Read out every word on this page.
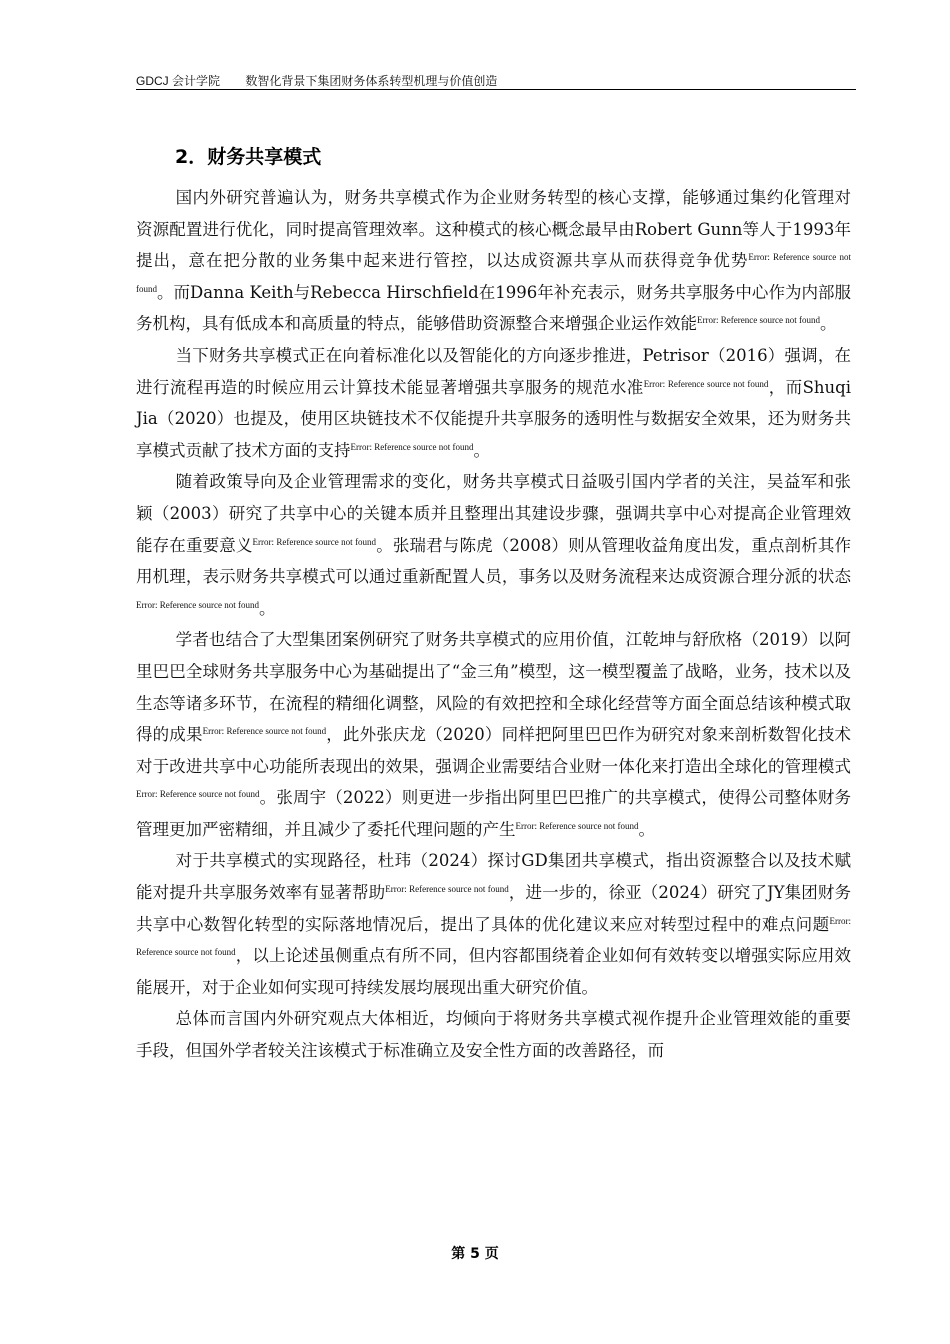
GDCJ 会计学院 数智化背景下集团财务体系转型机理与价值创造
2．财务共享模式

国内外研究普遍认为，财务共享模式作为企业财务转型的核心支撑，能够通过集约化管理对资源配置进行优化，同时提高管理效率。这种模式的核心概念最早由Robert Gunn等人于1993年提出，意在把分散的业务集中起来进行管控，以达成资源共享从而获得竞争优势$^{Error: Reference source not found}$。而Danna Keith与Rebecca Hirschfield在1996年补充表示，财务共享服务中心作为内部服务机构，具有低成本和高质量的特点，能够借助资源整合来增强企业运作效能$^{Error: Reference source not found}$。

当下财务共享模式正在向着标准化以及智能化的方向逐步推进，Petrisor（2016）强调，在进行流程再造的时候应用云计算技术能显著增强共享服务的规范水准$^{Error: Reference source not found}$，而Shuqi Jia（2020）也提及，使用区块链技术不仅能提升共享服务的透明性与数据安全效果，还为财务共享模式贡献了技术方面的支持$^{Error: Reference source not found}$。

随着政策导向及企业管理需求的变化，财务共享模式日益吸引国内学者的关注，吴益军和张颖（2003）研究了共享中心的关键本质并且整理出其建设步骤，强调共享中心对提高企业管理效能存在重要意义$^{Error: Reference source not found}$。张瑞君与陈虎（2008）则从管理收益角度出发，重点剖析其作用机理，表示财务共享模式可以通过重新配置人员，事务以及财务流程来达成资源合理分派的状态$^{Error: Reference source not found}$。

学者也结合了大型集团案例研究了财务共享模式的应用价值，江乾坤与舒欣格（2019）以阿里巴巴全球财务共享服务中心为基础提出了“金三角”模型，这一模型覆盖了战略，业务，技术以及生态等诸多环节，在流程的精细化调整，风险的有效把控和全球化经营等方面全面总结该种模式取得的成果$^{Error: Reference source not found}$，此外张庆龙（2020）同样把阿里巴巴作为研究对象来剖析数智化技术对于改进共享中心功能所表现出的效果，强调企业需要结合业财一体化来打造出全球化的管理模式$^{Error: Reference source not found}$。张周宇（2022）则更进一步指出阿里巴巴推广的共享模式，使得公司整体财务管理更加严密精细，并且减少了委托代理问题的产生$^{Error: Reference source not found}$。

对于共享模式的实现路径，杜玮（2024）探讨GD集团共享模式，指出资源整合以及技术赋能对提升共享服务效率有显著帮助$^{Error: Reference source not found}$，进一步的，徐亚（2024）研究了JY集团财务共享中心数智化转型的实际落地情况后，提出了具体的优化建议来应对转型过程中的难点问题$^{Error: Reference source not found}$，以上论述虽侧重点有所不同，但内容都围绕着企业如何有效转变以增强实际应用效能展开，对于企业如何实现可持续发展均展现出重大研究价值。

总体而言国内外研究观点大体相近，均倾向于将财务共享模式视作提升企业管理效能的重要手段，但国外学者较关注该模式于标准确立及安全性方面的改善路径，而

第 5 页
